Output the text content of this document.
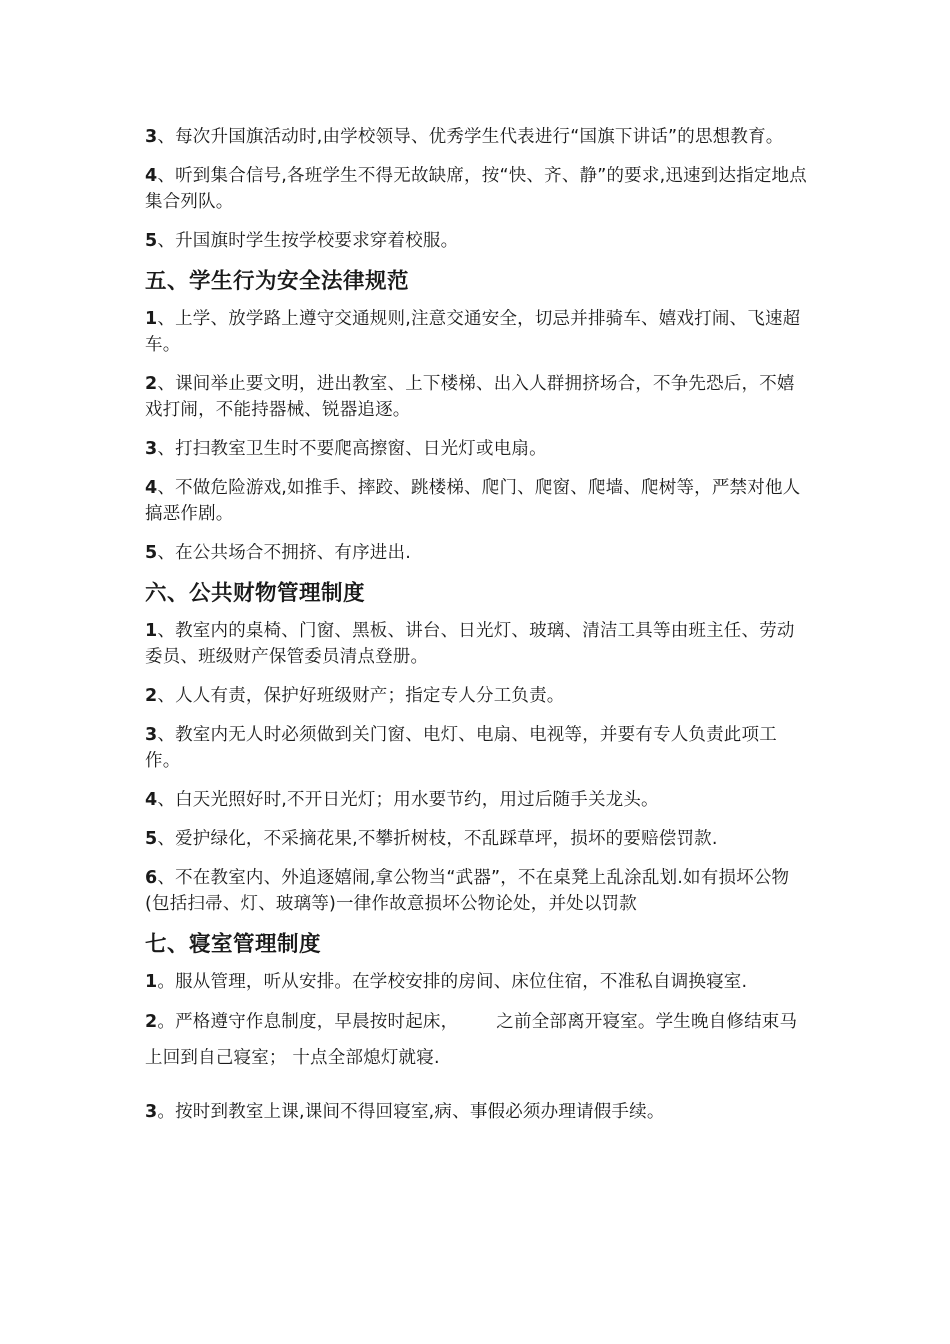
3、每次升国旗活动时,由学校领导、优秀学生代表进行“国旗下讲话”的思想教育。

4、听到集合信号,各班学生不得无故缺席，按“快、齐、静”的要求,迅速到达指定地点集合列队。

5、升国旗时学生按学校要求穿着校服。

五、学生行为安全法律规范

1、上学、放学路上遵守交通规则,注意交通安全，切忌并排骑车、嬉戏打闹、飞速超车。

2、课间举止要文明，进出教室、上下楼梯、出入人群拥挤场合，不争先恐后，不嬉戏打闹，不能持器械、锐器追逐。

3、打扫教室卫生时不要爬高擦窗、日光灯或电扇。

4、不做危险游戏,如推手、摔跤、跳楼梯、爬门、爬窗、爬墙、爬树等，严禁对他人搞恶作剧。

5、在公共场合不拥挤、有序进出.

六、公共财物管理制度

1、教室内的桌椅、门窗、黑板、讲台、日光灯、玻璃、清洁工具等由班主任、劳动委员、班级财产保管委员清点登册。

2、人人有责，保护好班级财产；指定专人分工负责。

3、教室内无人时必须做到关门窗、电灯、电扇、电视等，并要有专人负责此项工作。

4、白天光照好时,不开日光灯；用水要节约，用过后随手关龙头。

5、爱护绿化，不采摘花果,不攀折树枝，不乱踩草坪，损坏的要赔偿罚款.

6、不在教室内、外追逐嬉闹,拿公物当“武器”，不在桌凳上乱涂乱划.如有损坏公物(包括扫帚、灯、玻璃等)一律作故意损坏公物论处，并处以罚款

七、寝室管理制度

1。服从管理，听从安排。在学校安排的房间、床位住宿，不准私自调换寝室.

2。严格遵守作息制度，早晨按时起床， 之前全部离开寝室。学生晚自修结束马上回到自己寝室； 十点全部熄灯就寝.

3。按时到教室上课,课间不得回寝室,病、事假必须办理请假手续。
